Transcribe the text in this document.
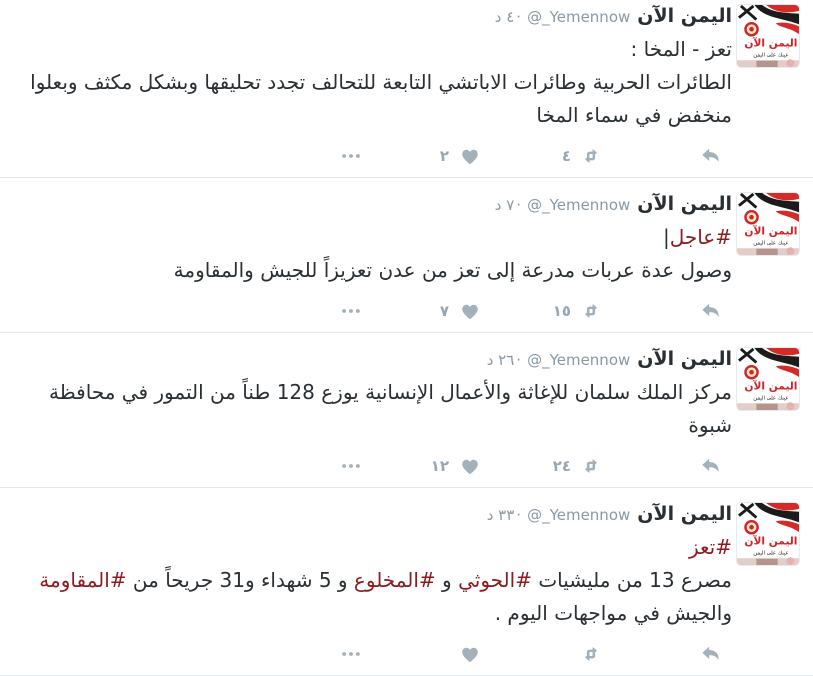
اليمن الآن
عينك على اليمن
اليمن الآن@_Yemennow·٤ د
تعز - المخا :
الطائرات الحربية وطائرات الاباتشي التابعة للتحالف تجدد تحليقها وبشكل مكثف وبعلوا منخفض في سماء المخا
٤
٢
اليمن الآن
عينك على اليمن
اليمن الآن@_Yemennow·٧ د
#عاجل|
وصول عدة عربات مدرعة إلى تعز من عدن تعزيزاً للجيش والمقاومة
١٥
٧
اليمن الآن
عينك على اليمن
اليمن الآن@_Yemennow·٢٦ د
مركز الملك سلمان للإغاثة والأعمال الإنسانية يوزع 128 طناً من التمور في محافظة شبوة
٢٤
١٢
اليمن الآن
عينك على اليمن
اليمن الآن@_Yemennow·٣٣ د
#تعز
مصرع 13 من مليشيات #الحوثي و #المخلوع و 5 شهداء و31 جريحاً من #المقاومة والجيش في مواجهات اليوم .
